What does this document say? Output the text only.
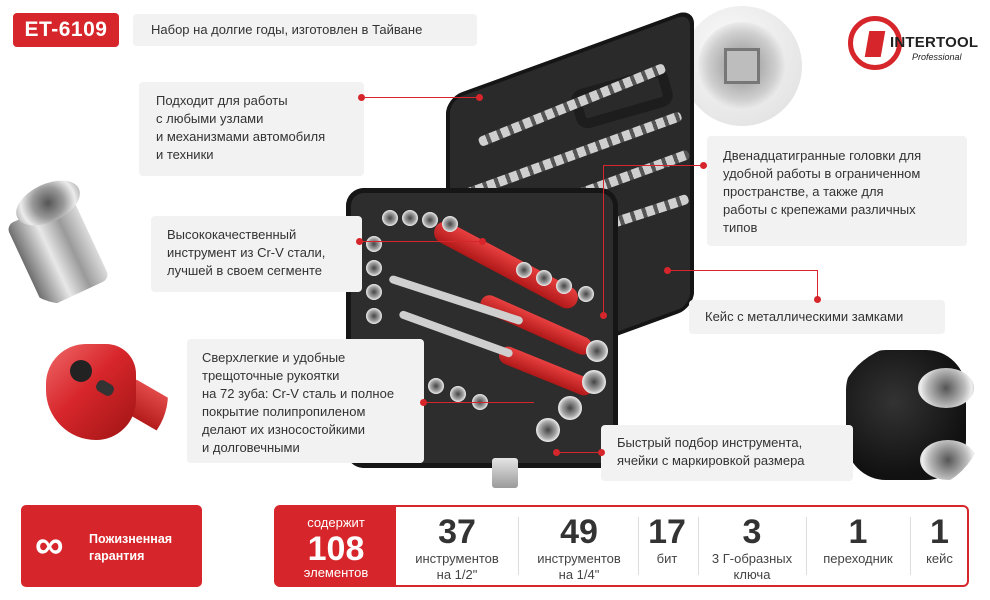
ET-6109
INTERTOOL
Professional
Набор на долгие годы, изготовлен в Тайване
Подходит для работы
с любыми узлами
и механизмами автомобиля
и техники
Высококачественный
инструмент из Cr-V стали,
лучшей в своем сегменте
Сверхлегкие и удобные
трещоточные рукоятки
на 72 зуба: Cr-V сталь и полное
покрытие полипропиленом
делают их износостойкими
и долговечными
Двенадцатигранные головки для
удобной работы в ограниченном
пространстве, а также для
работы с крепежами различных
типов
Кейс с металлическими замками
Быстрый подбор инструмента,
ячейки с маркировкой размера
∞ Пожизненная
гарантия
содержит
108
элементов
37
инструментов
на 1/2"
49
инструментов
на 1/4"
17
бит
3
3 Г-образных
ключа
1
переходник
1
кейс
